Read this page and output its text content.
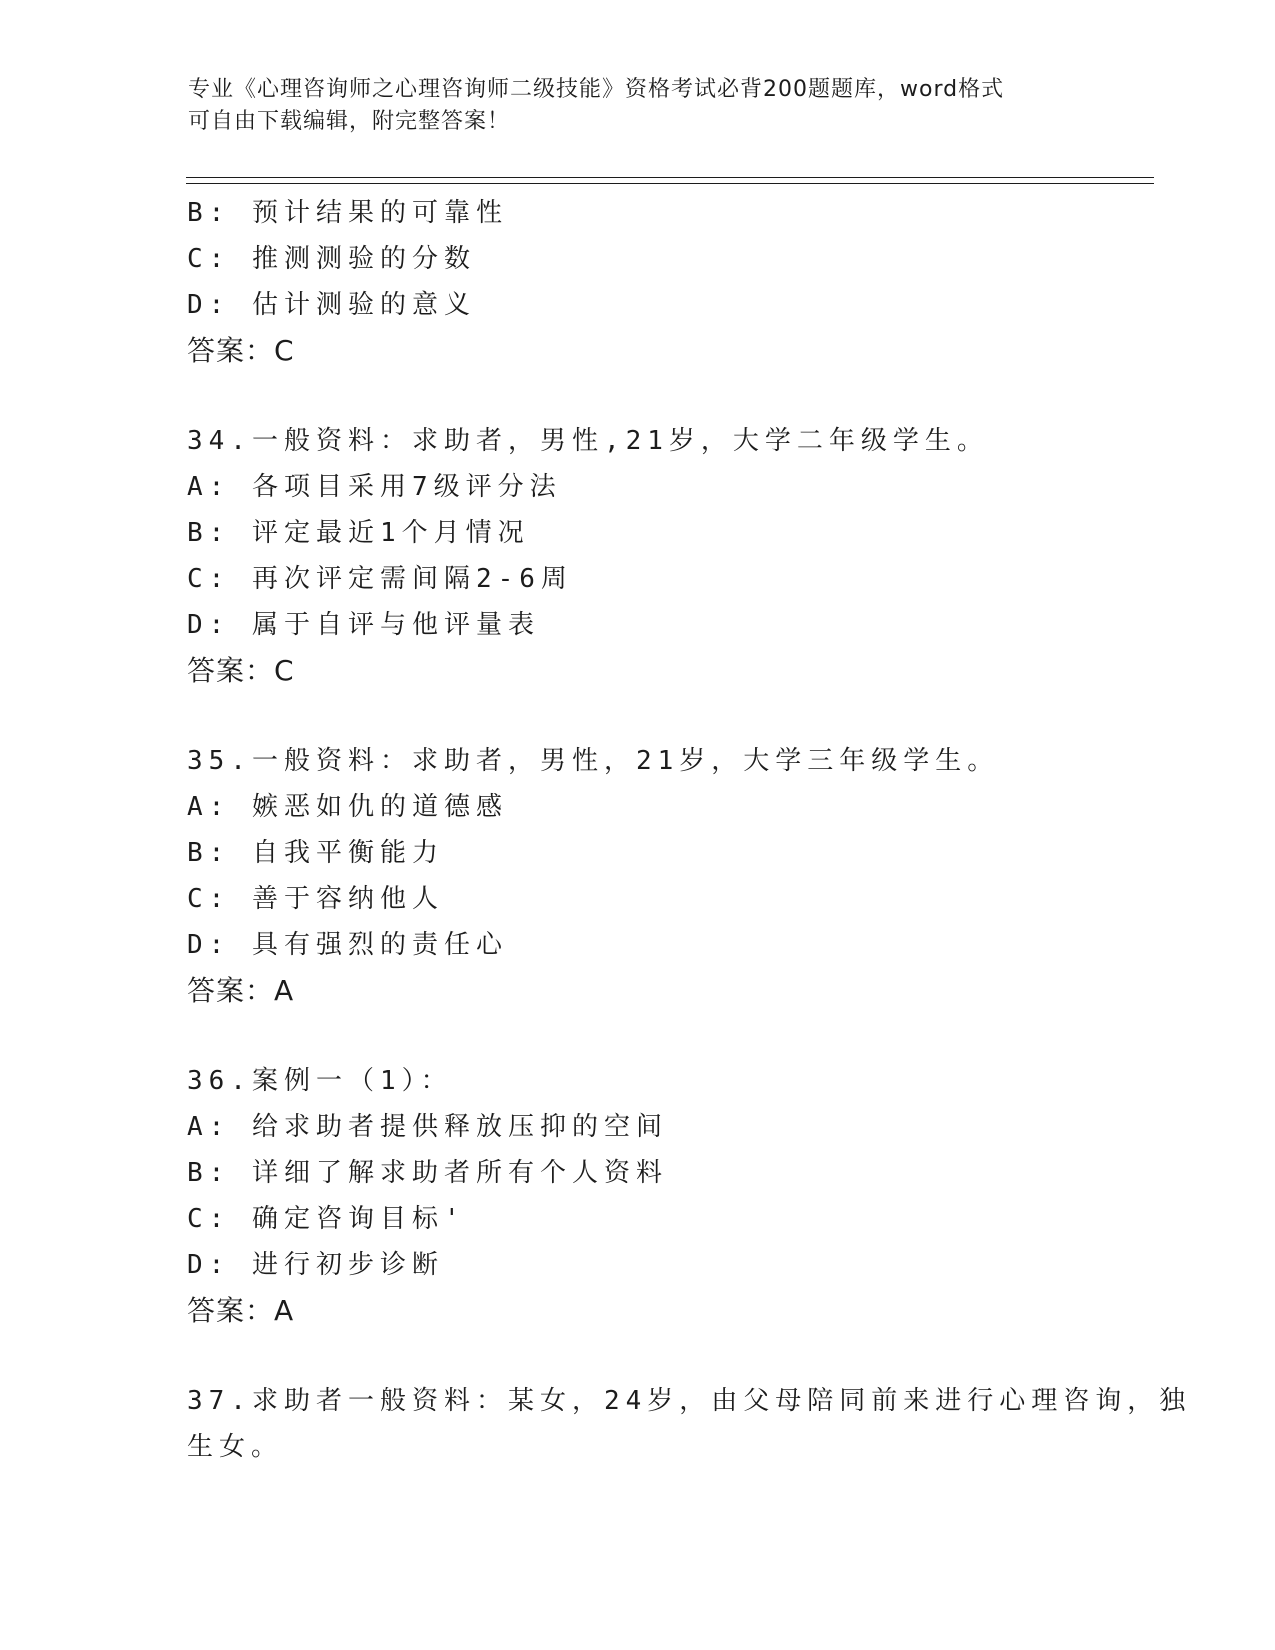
专业《心理咨询师之心理咨询师二级技能》资格考试必背200题题库，word格式
可自由下载编辑，附完整答案！
B: 预计结果的可靠性
C: 推测测验的分数
D: 估计测验的意义
答案：C
34.一般资料：求助者，男性,21岁，大学二年级学生。
A: 各项目采用7级评分法
B: 评定最近1个月情况
C: 再次评定需间隔2-6周
D: 属于自评与他评量表
答案：C
35.一般资料：求助者，男性，21岁，大学三年级学生。
A: 嫉恶如仇的道德感
B: 自我平衡能力
C: 善于容纳他人
D: 具有强烈的责任心
答案：A
36.案例一（1）：
A: 给求助者提供释放压抑的空间
B: 详细了解求助者所有个人资料
C: 确定咨询目标'
D: 进行初步诊断
答案：A
37.求助者一般资料：某女，24岁，由父母陪同前来进行心理咨询，独
生女。
